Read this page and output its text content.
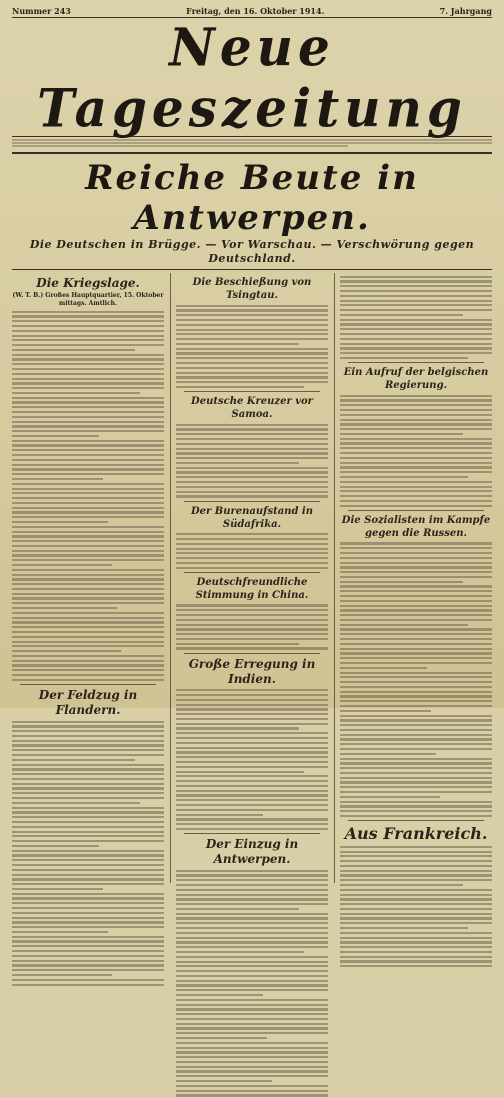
Nummer 243	Freitag, den 16. Oktober 1914.	7. Jahrgang
Neue Tageszeitung
Reiche Beute in Antwerpen.
Die Deutschen in Brügge. — Vor Warschau. — Verschwörung gegen Deutschland.
Die Kriegslage.
(W. T. B.) Großes Hauptquartier, 15. Oktober mittags. Amtlich.
Der Feldzug in Flandern.
Die Beschießung von Tsingtau.
Deutsche Kreuzer vor Samoa.
Der Burenaufstand in Südafrika.
Deutschfreundliche Stimmung in China.
Große Erregung in Indien.
Der Einzug in Antwerpen.
Ein Aufruf der belgischen Regierung.
Die Sozialisten im Kampfe gegen die Russen.
Aus Frankreich.
